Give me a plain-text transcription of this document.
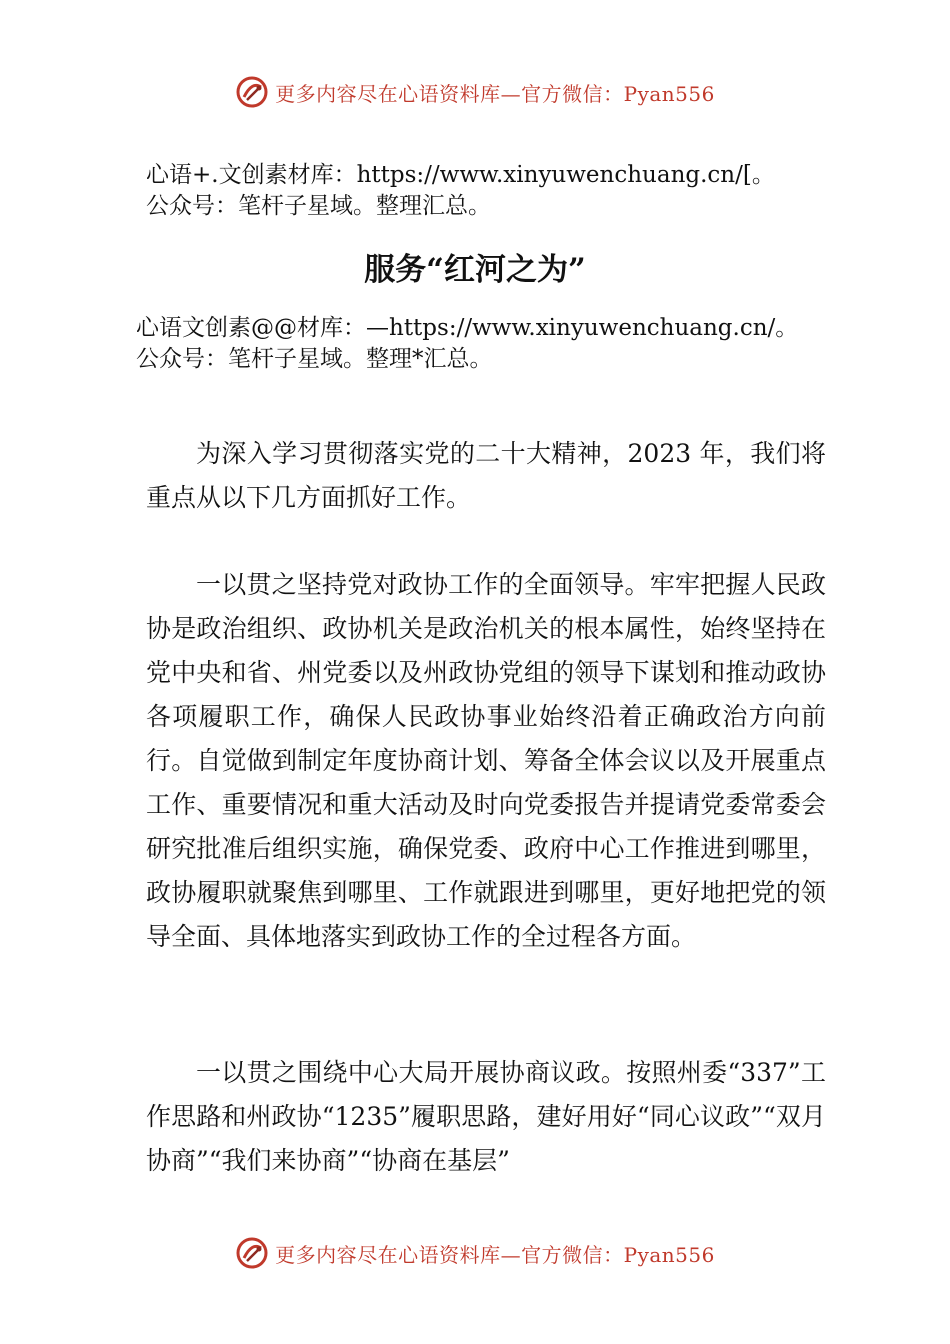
更多内容尽在心语资料库—官方微信：Pyan556
心语+.文创素材库：https://www.xinyuwenchuang.cn/[。
公众号：笔杆子星域。整理汇总。
服务“红河之为”
心语文创素@@材库：—https://www.xinyuwenchuang.cn/。
公众号：笔杆子星域。整理*汇总。

为深入学习贯彻落实党的二十大精神，2023 年，我们将重点从以下几方面抓好工作。

一以贯之坚持党对政协工作的全面领导。牢牢把握人民政协是政治组织、政协机关是政治机关的根本属性，始终坚持在党中央和省、州党委以及州政协党组的领导下谋划和推动政协各项履职工作，确保人民政协事业始终沿着正确政治方向前行。自觉做到制定年度协商计划、筹备全体会议以及开展重点工作、重要情况和重大活动及时向党委报告并提请党委常委会研究批准后组织实施，确保党委、政府中心工作推进到哪里，政协履职就聚焦到哪里、工作就跟进到哪里，更好地把党的领导全面、具体地落实到政协工作的全过程各方面。

一以贯之围绕中心大局开展协商议政。按照州委“337”工作思路和州政协“1235”履职思路，建好用好“同心议政”“双月协商”“我们来协商”“协商在基层”

更多内容尽在心语资料库—官方微信：Pyan556
